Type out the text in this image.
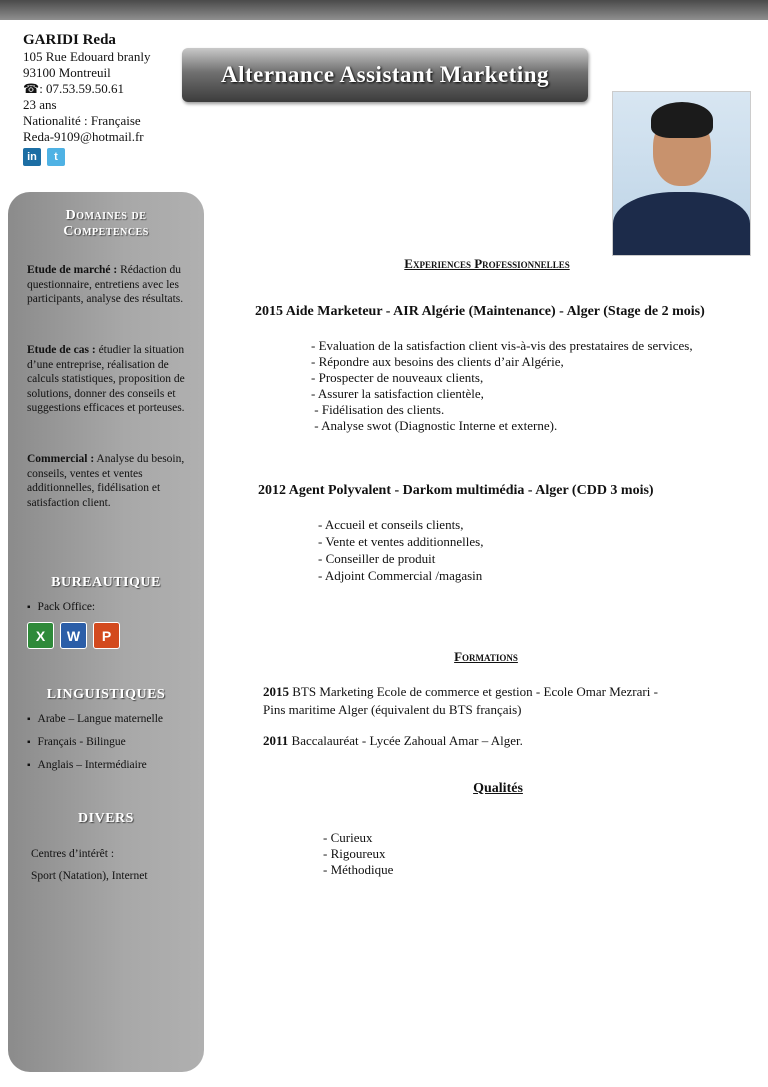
GARIDI Reda
105 Rue Edouard branly
93100 Montreuil
☎: 07.53.59.50.61
23 ans
Nationalité : Française
Reda-9109@hotmail.fr
in	t
Alternance Assistant Marketing
Domaines de
Competences
Etude de marché : Rédaction du questionnaire, entretiens avec les participants, analyse des résultats.
Etude de cas : étudier la situation d’une entreprise, réalisation de calculs statistiques, proposition de solutions, donner des conseils et suggestions efficaces et porteuses.
Commercial : Analyse du besoin, conseils, ventes et ventes additionnelles, fidélisation et satisfaction client.
BUREAUTIQUE
▪ Pack Office:
X	W	P
LINGUISTIQUES
▪ Arabe – Langue maternelle
▪ Français - Bilingue
▪ Anglais – Intermédiaire
DIVERS
Centres d’intérêt :
Sport (Natation), Internet
Experiences Professionnelles
2015 Aide Marketeur - AIR Algérie (Maintenance) - Alger (Stage de 2 mois)
- Evaluation de la satisfaction client vis-à-vis des prestataires de services,
- Répondre aux besoins des clients d’air Algérie,
- Prospecter de nouveaux clients,
- Assurer la satisfaction clientèle,
- Fidélisation des clients.
- Analyse swot (Diagnostic Interne et externe).
2012 Agent Polyvalent - Darkom multimédia - Alger (CDD 3 mois)
- Accueil et conseils clients,
- Vente et ventes additionnelles,
- Conseiller de produit
- Adjoint Commercial /magasin
Formations
2015 BTS Marketing Ecole de commerce et gestion - Ecole Omar Mezrari -
Pins maritime Alger (équivalent du BTS français)
2011 Baccalauréat - Lycée Zahoual Amar – Alger.
Qualités
- Curieux
- Rigoureux
- Méthodique
